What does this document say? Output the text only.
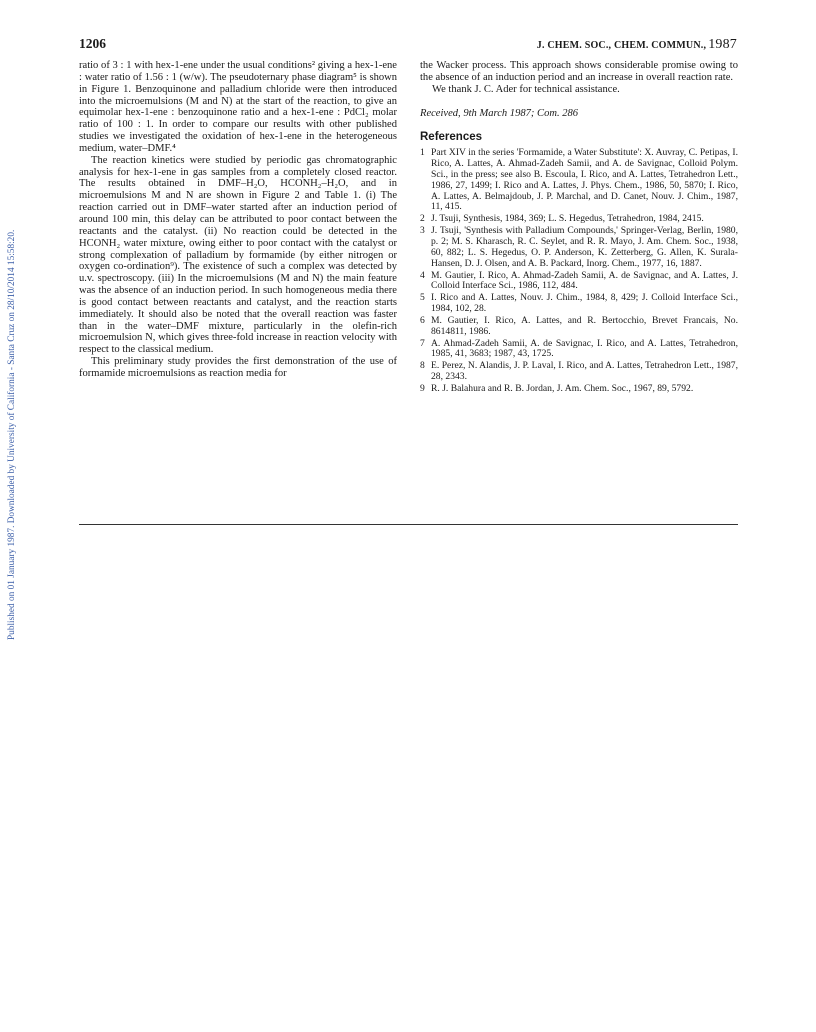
Published on 01 January 1987. Downloaded by University of California - Santa Cruz on 28/10/2014 15:58:20.
1206	J. CHEM. SOC., CHEM. COMMUN., 1987

ratio of 3 : 1 with hex-1-ene under the usual conditions² giving a hex-1-ene : water ratio of 1.56 : 1 (w/w). The pseudoternary phase diagram⁵ is shown in Figure 1. Benzoquinone and palladium chloride were then introduced into the microemulsions (M and N) at the start of the reaction, to give an equimolar hex-1-ene : benzoquinone ratio and a hex-1-ene : PdCl₂ molar ratio of 100 : 1. In order to compare our results with other published studies we investigated the oxidation of hex-1-ene in the heterogeneous medium, water–DMF.⁴

The reaction kinetics were studied by periodic gas chromatographic analysis for hex-1-ene in gas samples from a completely closed reactor. The results obtained in DMF–H₂O, HCONH₂–H₂O, and in microemulsions M and N are shown in Figure 2 and Table 1. (i) The reaction carried out in DMF–water started after an induction period of around 100 min, this delay can be attributed to poor contact between the reactants and the catalyst. (ii) No reaction could be detected in the HCONH₂ water mixture, owing either to poor contact with the catalyst or strong complexation of palladium by formamide (by either nitrogen or oxygen co-ordination⁹). The existence of such a complex was detected by u.v. spectroscopy. (iii) In the microemulsions (M and N) the main feature was the absence of an induction period. In such homogeneous media there is good contact between reactants and catalyst, and the reaction starts immediately. It should also be noted that the overall reaction was faster than in the water–DMF mixture, particularly in the olefin-rich microemulsion N, which gives three-fold increase in reaction velocity with respect to the classical medium.

This preliminary study provides the first demonstration of the use of formamide microemulsions as reaction media for

the Wacker process. This approach shows considerable promise owing to the absence of an induction period and an increase in overall reaction rate.

We thank J. C. Ader for technical assistance.

Received, 9th March 1987; Com. 286

References
1 Part XIV in the series 'Formamide, a Water Substitute': X. Auvray, C. Petipas, I. Rico, A. Lattes, A. Ahmad-Zadeh Samii, and A. de Savignac, Colloid Polym. Sci., in the press; see also B. Escoula, I. Rico, and A. Lattes, Tetrahedron Lett., 1986, 27, 1499; I. Rico and A. Lattes, J. Phys. Chem., 1986, 50, 5870; I. Rico, A. Lattes, A. Belmajdoub, J. P. Marchal, and D. Canet, Nouv. J. Chim., 1987, 11, 415.
2 J. Tsuji, Synthesis, 1984, 369; L. S. Hegedus, Tetrahedron, 1984, 2415.
3 J. Tsuji, 'Synthesis with Palladium Compounds,' Springer-Verlag, Berlin, 1980, p. 2; M. S. Kharasch, R. C. Seylet, and R. R. Mayo, J. Am. Chem. Soc., 1938, 60, 882; L. S. Hegedus, O. P. Anderson, K. Zetterberg, G. Allen, K. Surala-Hansen, D. J. Olsen, and A. B. Packard, Inorg. Chem., 1977, 16, 1887.
4 M. Gautier, I. Rico, A. Ahmad-Zadeh Samii, A. de Savignac, and A. Lattes, J. Colloid Interface Sci., 1986, 112, 484.
5 I. Rico and A. Lattes, Nouv. J. Chim., 1984, 8, 429; J. Colloid Interface Sci., 1984, 102, 28.
6 M. Gautier, I. Rico, A. Lattes, and R. Bertocchio, Brevet Francais, No. 8614811, 1986.
7 A. Ahmad-Zadeh Samii, A. de Savignac, I. Rico, and A. Lattes, Tetrahedron, 1985, 41, 3683; 1987, 43, 1725.
8 E. Perez, N. Alandis, J. P. Laval, I. Rico, and A. Lattes, Tetrahedron Lett., 1987, 28, 2343.
9 R. J. Balahura and R. B. Jordan, J. Am. Chem. Soc., 1967, 89, 5792.
